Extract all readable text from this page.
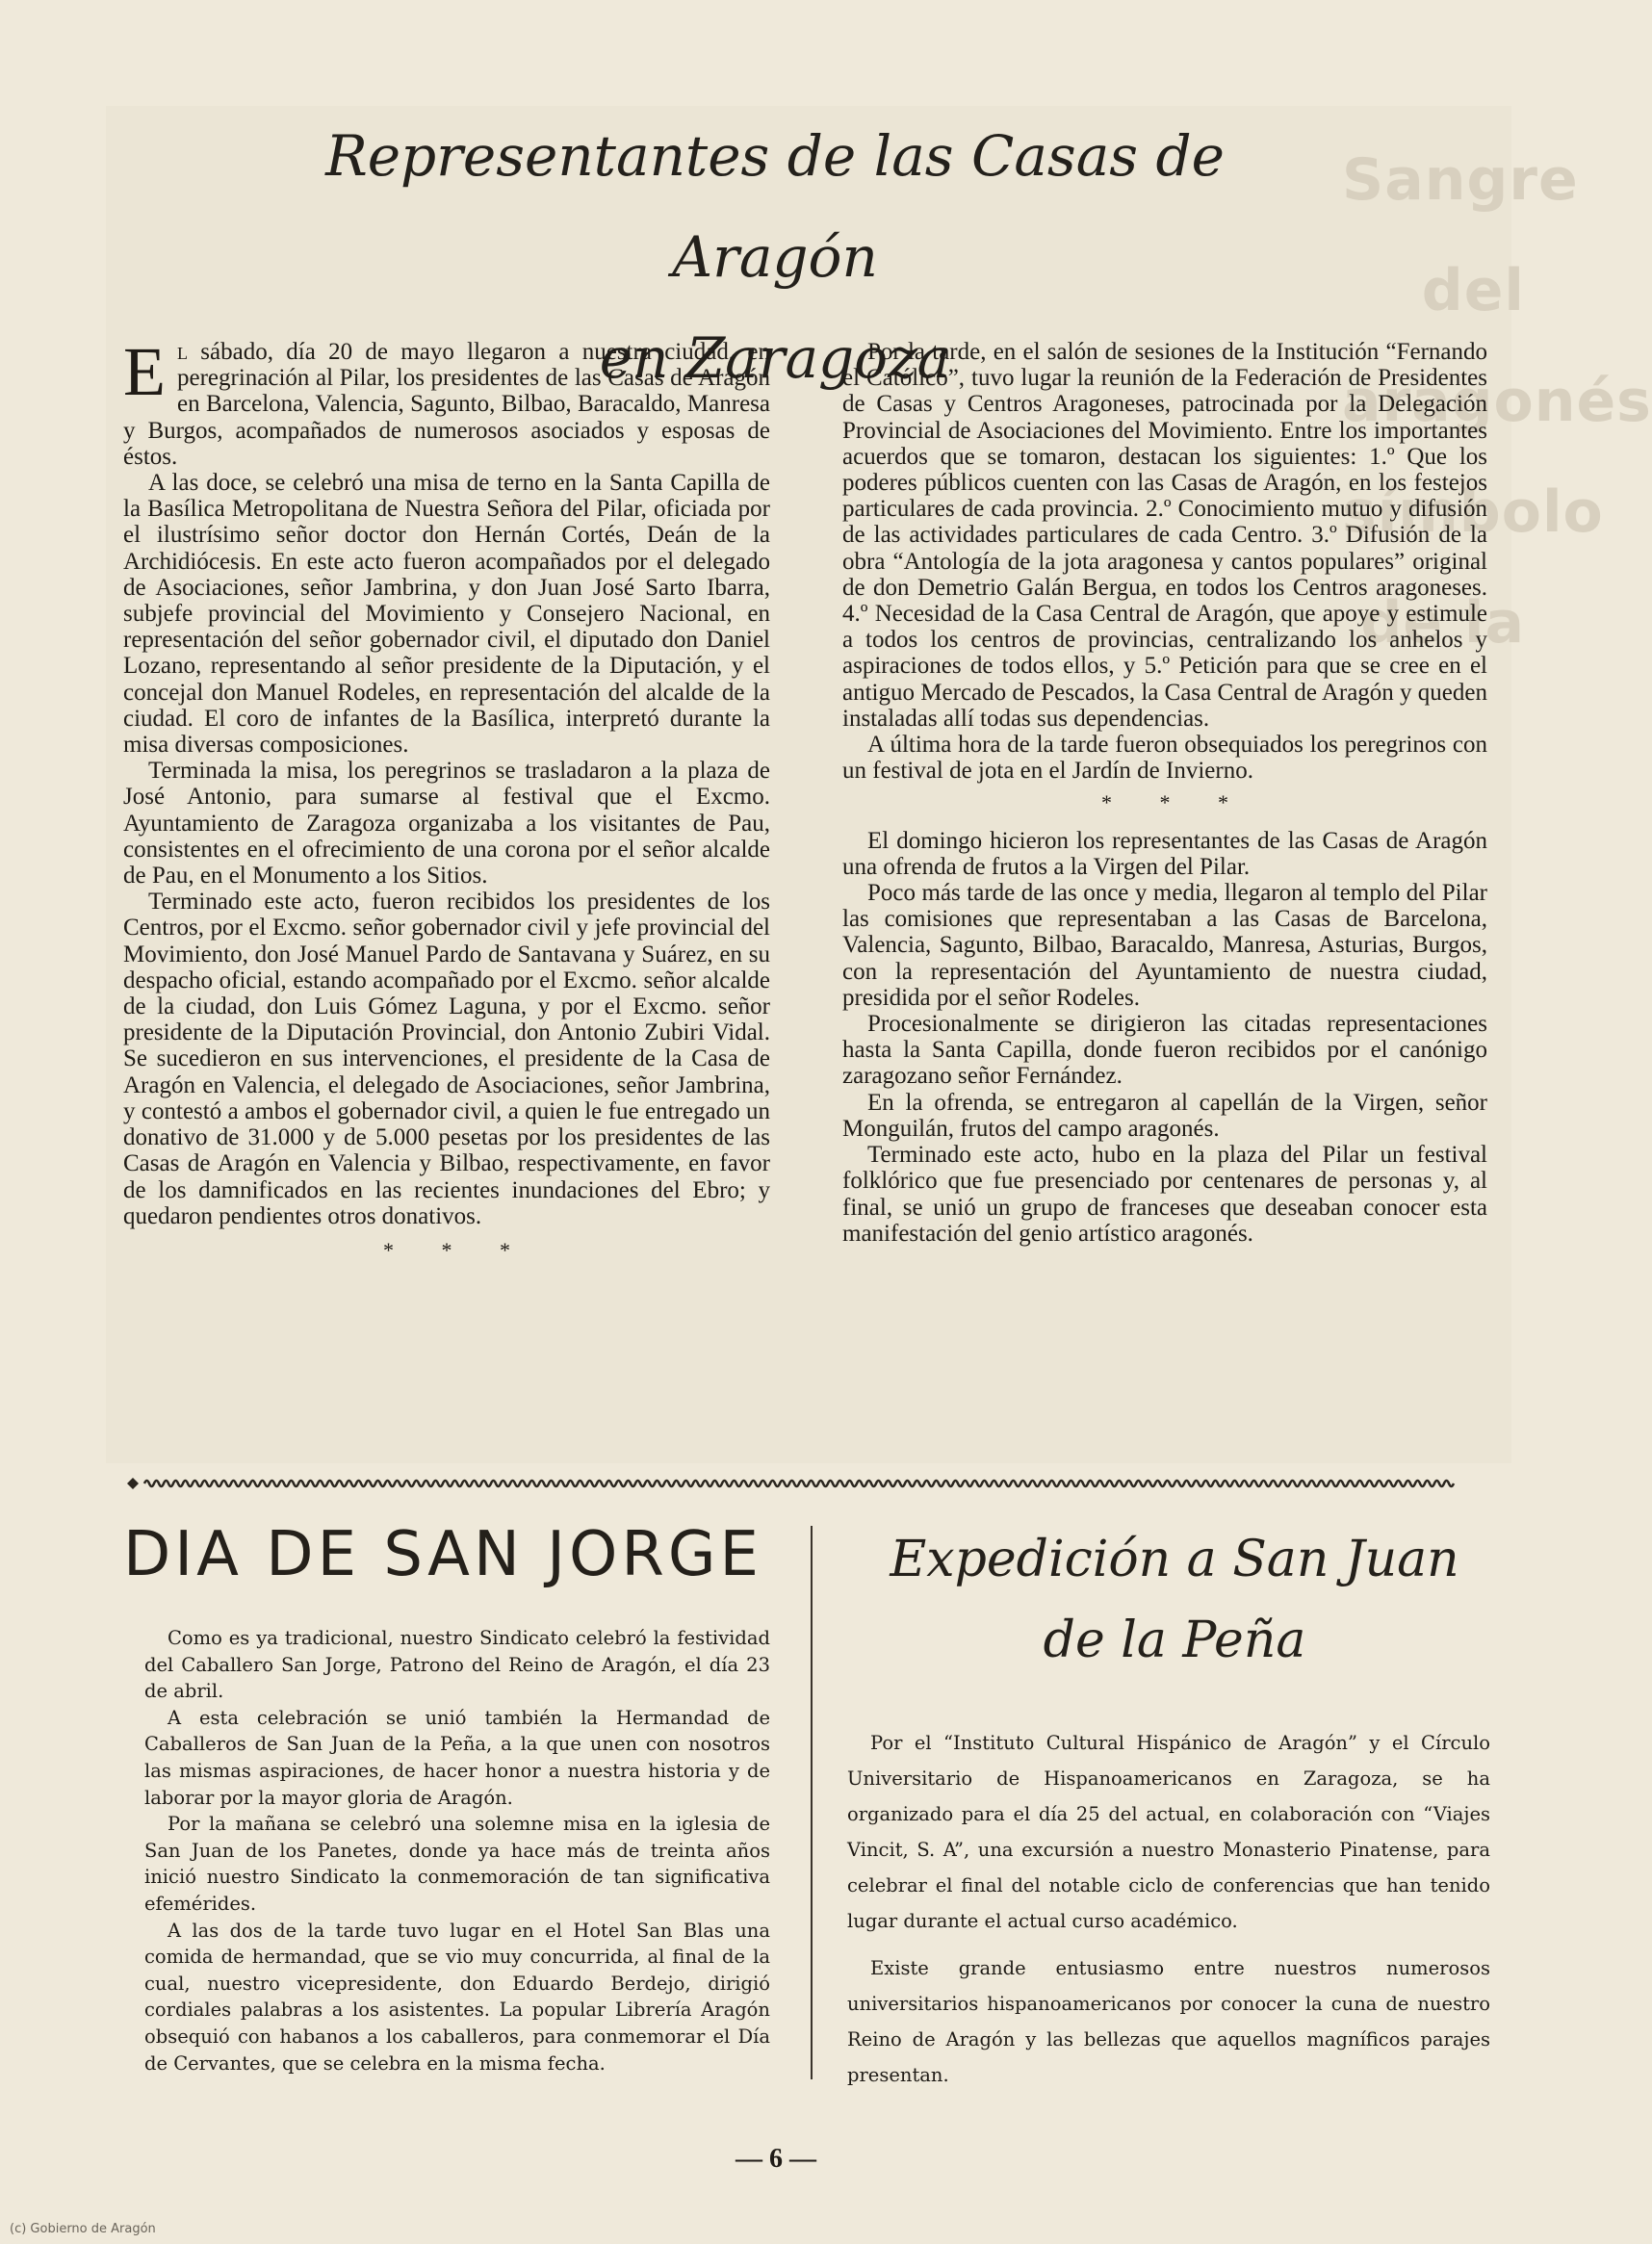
Sangre del aragonés símbolo de la
Representantes de las Casas de Aragón
en Zaragoza

El sábado, día 20 de mayo llegaron a nuestra ciudad, en peregrinación al Pilar, los presidentes de las Casas de Aragón en Barcelona, Valencia, Sagunto, Bilbao, Baracaldo, Manresa y Burgos, acompañados de numerosos asociados y esposas de éstos.

A las doce, se celebró una misa de terno en la Santa Capilla de la Basílica Metropolitana de Nuestra Señora del Pilar, oficiada por el ilustrísimo señor doctor don Hernán Cortés, Deán de la Archidiócesis. En este acto fueron acompañados por el delegado de Asociaciones, señor Jambrina, y don Juan José Sarto Ibarra, subjefe provincial del Movimiento y Consejero Nacional, en representación del señor gobernador civil, el diputado don Daniel Lozano, representando al señor presidente de la Diputación, y el concejal don Manuel Rodeles, en representación del alcalde de la ciudad. El coro de infantes de la Basílica, interpretó durante la misa diversas composiciones.

Terminada la misa, los peregrinos se trasladaron a la plaza de José Antonio, para sumarse al festival que el Excmo. Ayuntamiento de Zaragoza organizaba a los visitantes de Pau, consistentes en el ofrecimiento de una corona por el señor alcalde de Pau, en el Monumento a los Sitios.

Terminado este acto, fueron recibidos los presidentes de los Centros, por el Excmo. señor gobernador civil y jefe provincial del Movimiento, don José Manuel Pardo de Santavana y Suárez, en su despacho oficial, estando acompañado por el Excmo. señor alcalde de la ciudad, don Luis Gómez Laguna, y por el Excmo. señor presidente de la Diputación Provincial, don Antonio Zubiri Vidal. Se sucedieron en sus intervenciones, el presidente de la Casa de Aragón en Valencia, el delegado de Asociaciones, señor Jambrina, y contestó a ambos el gobernador civil, a quien le fue entregado un donativo de 31.000 y de 5.000 pesetas por los presidentes de las Casas de Aragón en Valencia y Bilbao, respectivamente, en favor de los damnificados en las recientes inundaciones del Ebro; y quedaron pendientes otros donativos.

* * *

Por la tarde, en el salón de sesiones de la Institución “Fernando el Católico”, tuvo lugar la reunión de la Federación de Presidentes de Casas y Centros Aragoneses, patrocinada por la Delegación Provincial de Asociaciones del Movimiento. Entre los importantes acuerdos que se tomaron, destacan los siguientes: 1.º Que los poderes públicos cuenten con las Casas de Aragón, en los festejos particulares de cada provincia. 2.º Conocimiento mutuo y difusión de las actividades particulares de cada Centro. 3.º Difusión de la obra “Antología de la jota aragonesa y cantos populares” original de don Demetrio Galán Bergua, en todos los Centros aragoneses. 4.º Necesidad de la Casa Central de Aragón, que apoye y estimule a todos los centros de provincias, centralizando los anhelos y aspiraciones de todos ellos, y 5.º Petición para que se cree en el antiguo Mercado de Pescados, la Casa Central de Aragón y queden instaladas allí todas sus dependencias.

A última hora de la tarde fueron obsequiados los peregrinos con un festival de jota en el Jardín de Invierno.

* * *

El domingo hicieron los representantes de las Casas de Aragón una ofrenda de frutos a la Virgen del Pilar.

Poco más tarde de las once y media, llegaron al templo del Pilar las comisiones que representaban a las Casas de Barcelona, Valencia, Sagunto, Bilbao, Baracaldo, Manresa, Asturias, Burgos, con la representación del Ayuntamiento de nuestra ciudad, presidida por el señor Rodeles.

Procesionalmente se dirigieron las citadas representaciones hasta la Santa Capilla, donde fueron recibidos por el canónigo zaragozano señor Fernández.

En la ofrenda, se entregaron al capellán de la Virgen, señor Monguilán, frutos del campo aragonés.

Terminado este acto, hubo en la plaza del Pilar un festival folklórico que fue presenciado por centenares de personas y, al final, se unió un grupo de franceses que deseaban conocer esta manifestación del genio artístico aragonés.

DIA DE SAN JORGE

Como es ya tradicional, nuestro Sindicato celebró la festividad del Caballero San Jorge, Patrono del Reino de Aragón, el día 23 de abril.

A esta celebración se unió también la Hermandad de Caballeros de San Juan de la Peña, a la que unen con nosotros las mismas aspiraciones, de hacer honor a nuestra historia y de laborar por la mayor gloria de Aragón.

Por la mañana se celebró una solemne misa en la iglesia de San Juan de los Panetes, donde ya hace más de treinta años inició nuestro Sindicato la conmemoración de tan significativa efemérides.

A las dos de la tarde tuvo lugar en el Hotel San Blas una comida de hermandad, que se vio muy concurrida, al final de la cual, nuestro vicepresidente, don Eduardo Berdejo, dirigió cordiales palabras a los asistentes. La popular Librería Aragón obsequió con habanos a los caballeros, para conmemorar el Día de Cervantes, que se celebra en la misma fecha.

Expedición a San Juan
de la Peña

Por el “Instituto Cultural Hispánico de Aragón” y el Círculo Universitario de Hispanoamericanos en Zaragoza, se ha organizado para el día 25 del actual, en colaboración con “Viajes Vincit, S. A”, una excursión a nuestro Monasterio Pinatense, para celebrar el final del notable ciclo de conferencias que han tenido lugar durante el actual curso académico.

Existe grande entusiasmo entre nuestros numerosos universitarios hispanoamericanos por conocer la cuna de nuestro Reino de Aragón y las bellezas que aquellos magníficos parajes presentan.

— 6 —
(c) Gobierno de Aragón
